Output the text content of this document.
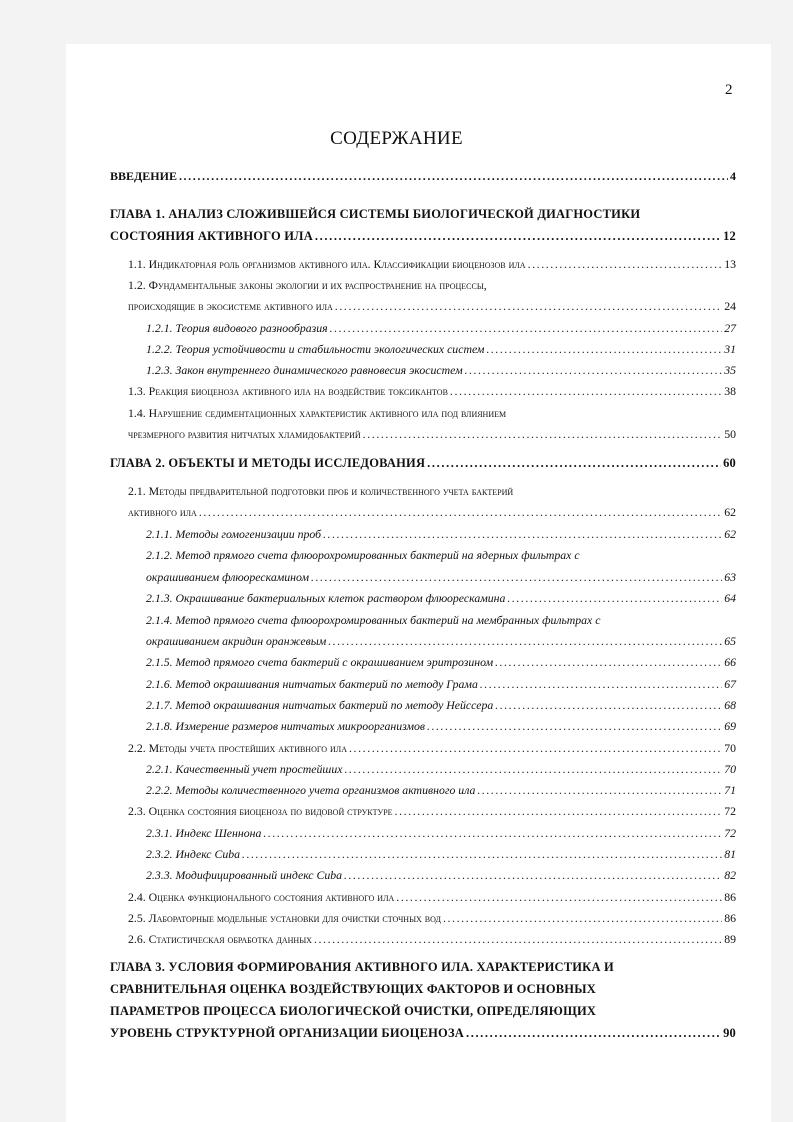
2
СОДЕРЖАНИЕ
ВВЕДЕНИЕ .....	4
ГЛАВА 1. АНАЛИЗ СЛОЖИВШЕЙСЯ СИСТЕМЫ БИОЛОГИЧЕСКОЙ ДИАГНОСТИКИ
СОСТОЯНИЯ АКТИВНОГО ИЛА .....	12
1.1. Индикаторная роль организмов активного ила. Классификации биоценозов ила .....	13
1.2. Фундаментальные законы экологии и их распространение на процессы,
происходящие в экосистеме активного ила .....	24
1.2.1. Теория видового разнообразия .....	27
1.2.2. Теория устойчивости и стабильности экологических систем .....	31
1.2.3. Закон внутреннего динамического равновесия экосистем .....	35
1.3. Реакция биоценоза активного ила на воздействие токсикантов .....	38
1.4. Нарушение седиментационных характеристик активного ила под влиянием
чрезмерного развития нитчатых хламидобактерий .....	50
ГЛАВА 2. ОБЪЕКТЫ И МЕТОДЫ ИССЛЕДОВАНИЯ .....	60
2.1. Методы предварительной подготовки проб и количественного учета бактерий
активного ила .....	62
2.1.1. Методы гомогенизации проб .....	62
2.1.2. Метод прямого счета флюорохромированных бактерий на ядерных фильтрах с
окрашиванием флюорескамином .....	63
2.1.3. Окрашивание бактериальных клеток раствором флюорескамина .....	64
2.1.4. Метод прямого счета флюорохромированных бактерий на мембранных фильтрах с
окрашиванием акридин оранжевым .....	65
2.1.5. Метод прямого счета бактерий с окрашиванием эритрозином .....	66
2.1.6. Метод окрашивания нитчатых бактерий по методу Грама .....	67
2.1.7. Метод окрашивания нитчатых бактерий по методу Нейссера .....	68
2.1.8. Измерение размеров нитчатых микроорганизмов .....	69
2.2. Методы учета простейших активного ила .....	70
2.2.1. Качественный учет простейших .....	70
2.2.2. Методы количественного учета организмов активного ила .....	71
2.3. Оценка состояния биоценоза по видовой структуре .....	72
2.3.1. Индекс Шеннона .....	72
2.3.2. Индекс Cuba .....	81
2.3.3. Модифицированный индекс Cuba .....	82
2.4. Оценка функционального состояния активного ила .....	86
2.5. Лабораторные модельные установки для очистки сточных вод .....	86
2.6. Статистическая обработка данных .....	89
ГЛАВА 3. УСЛОВИЯ ФОРМИРОВАНИЯ АКТИВНОГО ИЛА. ХАРАКТЕРИСТИКА И
СРАВНИТЕЛЬНАЯ ОЦЕНКА ВОЗДЕЙСТВУЮЩИХ ФАКТОРОВ И ОСНОВНЫХ
ПАРАМЕТРОВ ПРОЦЕССА БИОЛОГИЧЕСКОЙ ОЧИСТКИ, ОПРЕДЕЛЯЮЩИХ
УРОВЕНЬ СТРУКТУРНОЙ ОРГАНИЗАЦИИ БИОЦЕНОЗА .....	90
